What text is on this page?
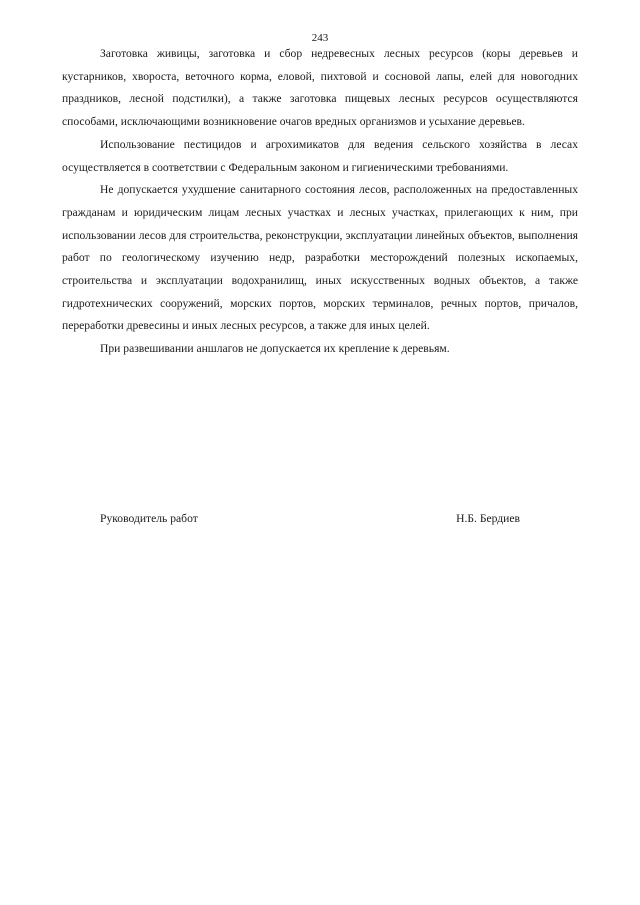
243

Заготовка живицы, заготовка и сбор недревесных лесных ресурсов (коры деревьев и кустарников, хвороста, веточного корма, еловой, пихтовой и сосновой лапы, елей для новогодних праздников, лесной подстилки), а также заготовка пищевых лесных ресурсов осуществляются способами, исключающими возникновение очагов вредных организмов и усыхание деревьев.

Использование пестицидов и агрохимикатов для ведения сельского хозяйства в лесах осуществляется в соответствии с Федеральным законом и гигиеническими требованиями.

Не допускается ухудшение санитарного состояния лесов, расположенных на предоставленных гражданам и юридическим лицам лесных участках и лесных участках, прилегающих к ним, при использовании лесов для строительства, реконструкции, эксплуатации линейных объектов, выполнения работ по геологическому изучению недр, разработки месторождений полезных ископаемых, строительства и эксплуатации водохранилищ, иных искусственных водных объектов, а также гидротехнических сооружений, морских портов, морских терминалов, речных портов, причалов, переработки древесины и иных лесных ресурсов, а также для иных целей.

При развешивании аншлагов не допускается их крепление к деревьям.

Руководитель работ	Н.Б. Бердиев
